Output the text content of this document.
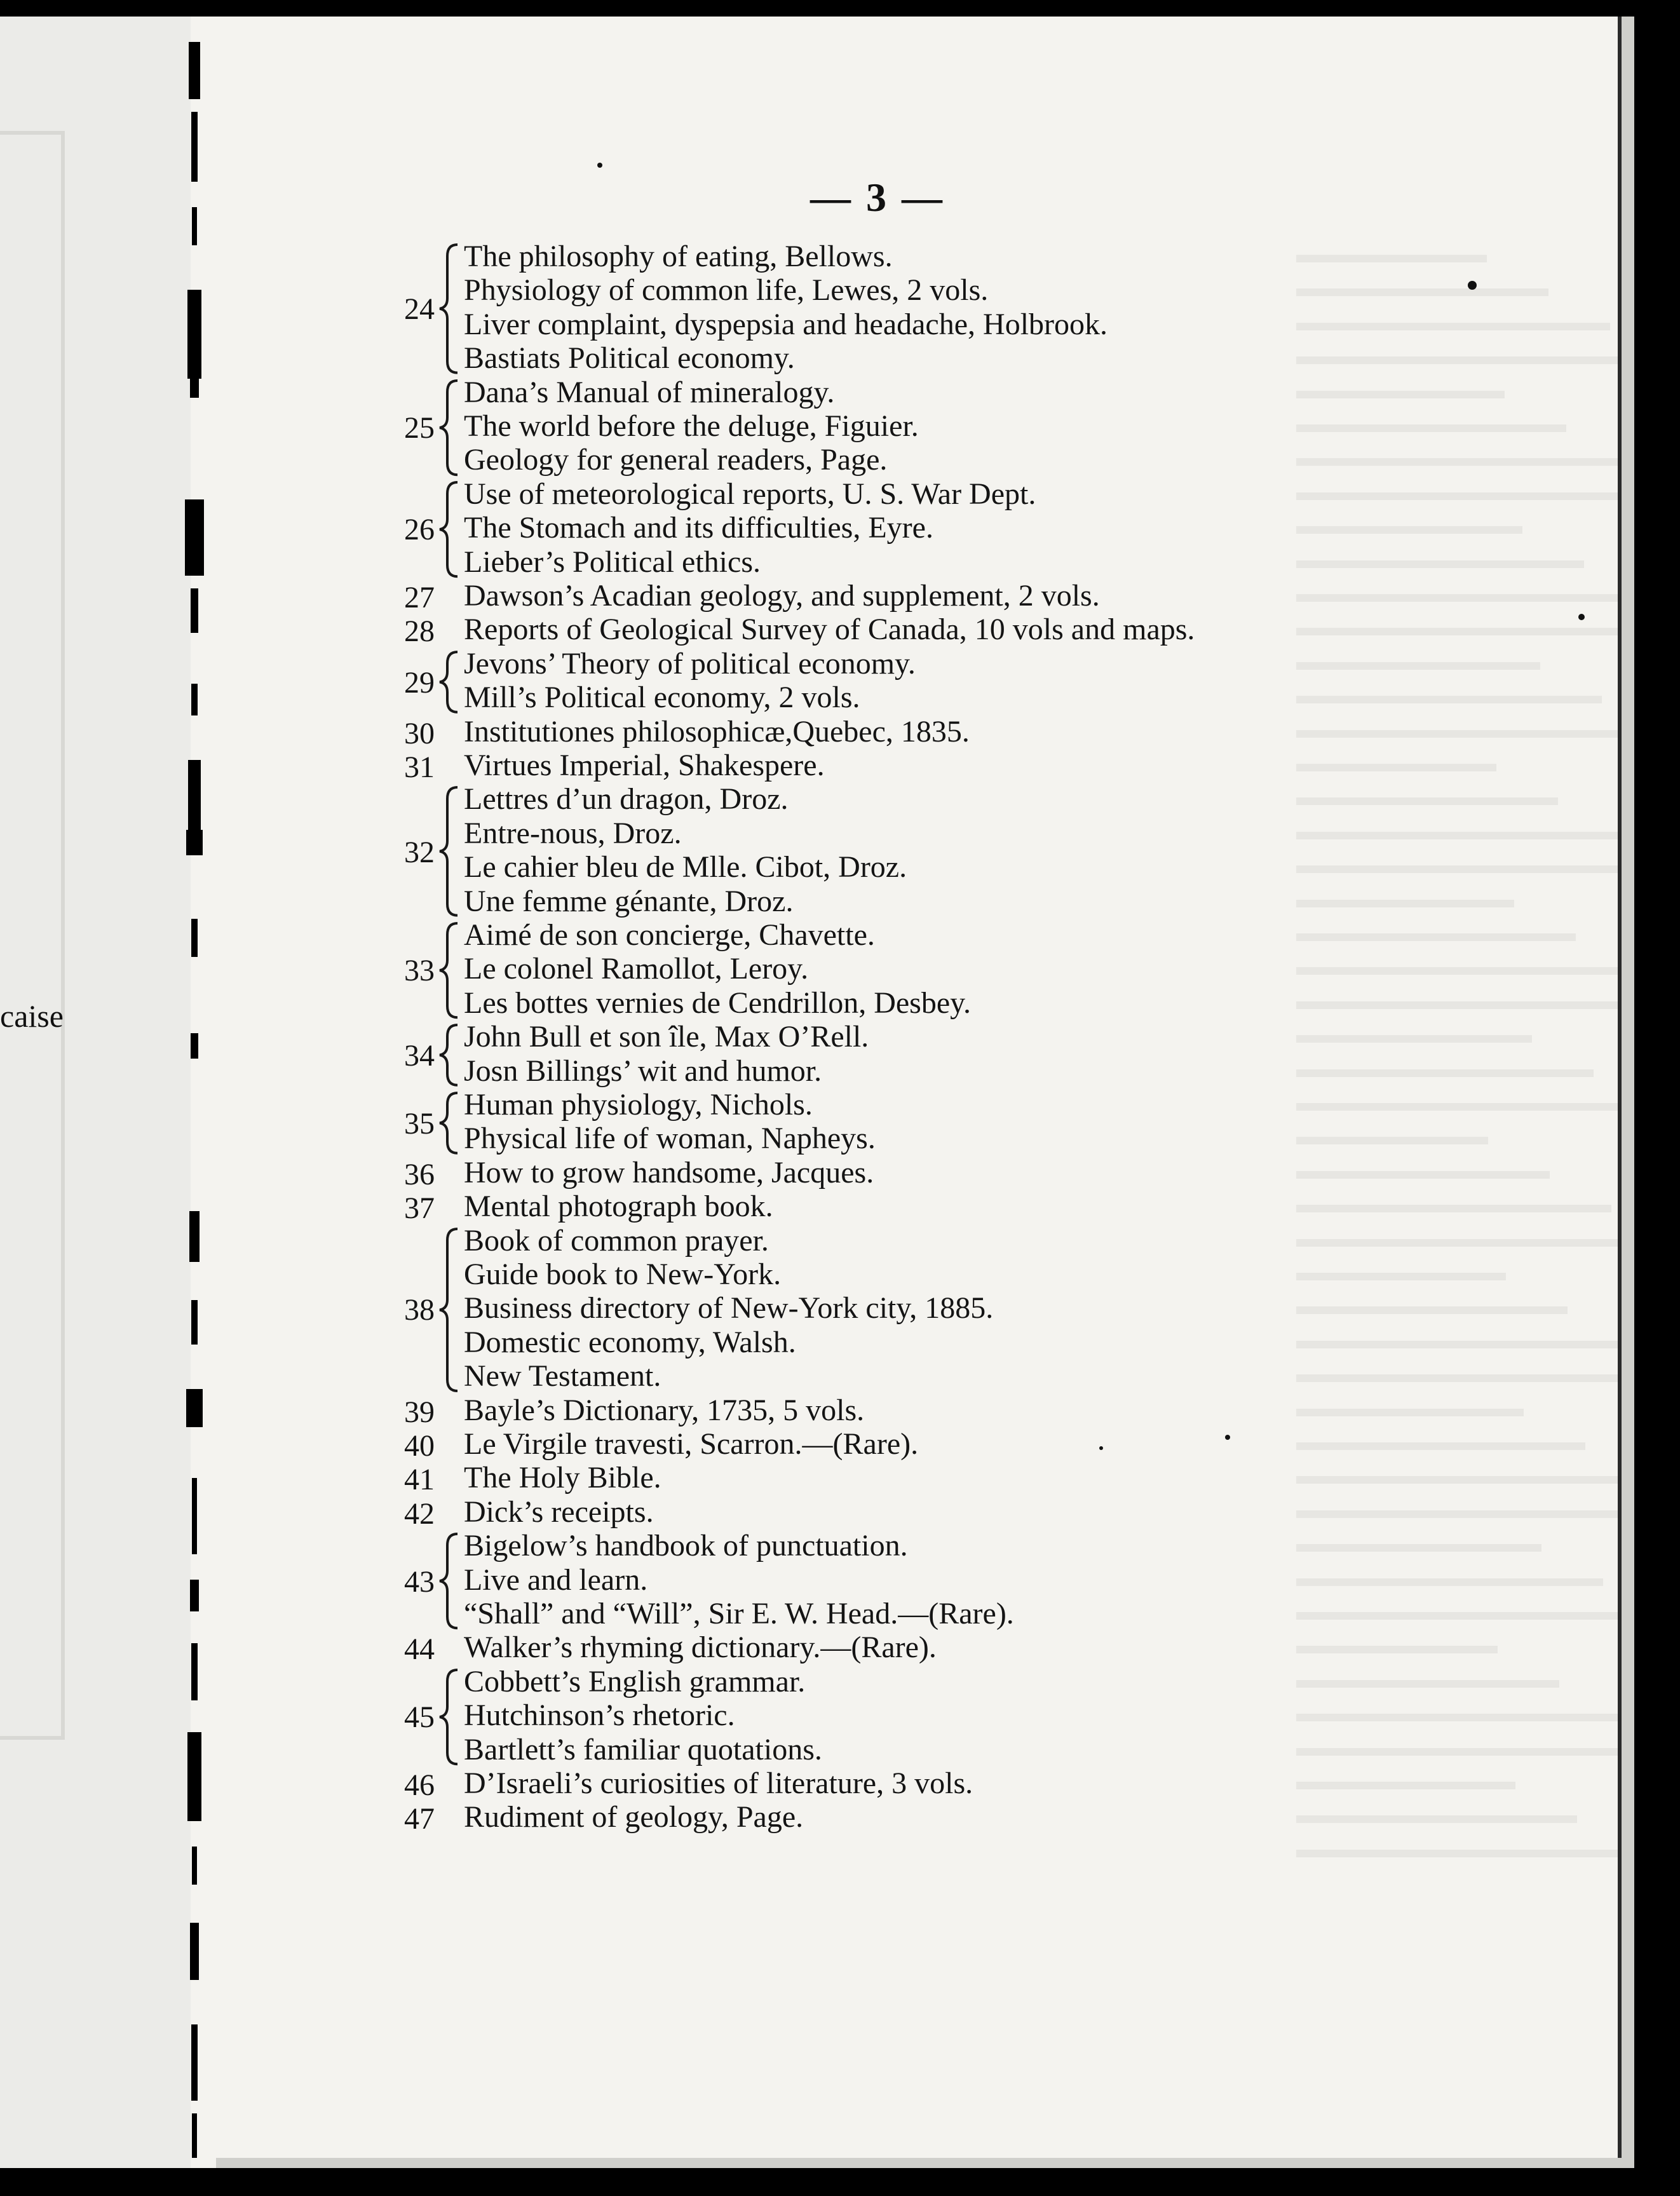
caise
— 3 —
The philosophy of eating, Bellows.
Physiology of common life, Lewes, 2 vols.
Liver complaint, dyspepsia and headache, Holbrook.
Bastiats Political economy.
24
Dana’s Manual of mineralogy.
The world before the deluge, Figuier.
Geology for general readers, Page.
25
Use of meteorological reports, U. S. War Dept.
The Stomach and its difficulties, Eyre.
Lieber’s Political ethics.
26
Dawson’s Acadian geology, and supplement, 2 vols.
27
Reports of Geological Survey of Canada, 10 vols and maps.
28
Jevons’ Theory of political economy.
Mill’s Political economy, 2 vols.
29
Institutiones philosophicæ,Quebec, 1835.
30
Virtues Imperial, Shakespere.
31
Lettres d’un dragon, Droz.
Entre-nous, Droz.
Le cahier bleu de Mlle. Cibot, Droz.
Une femme génante, Droz.
32
Aimé de son concierge, Chavette.
Le colonel Ramollot, Leroy.
Les bottes vernies de Cendrillon, Desbey.
33
John Bull et son île, Max O’Rell.
Josn Billings’ wit and humor.
34
Human physiology, Nichols.
Physical life of woman, Napheys.
35
How to grow handsome, Jacques.
36
Mental photograph book.
37
Book of common prayer.
Guide book to New-York.
Business directory of New-York city, 1885.
Domestic economy, Walsh.
New Testament.
38
Bayle’s Dictionary, 1735, 5 vols.
39
Le Virgile travesti, Scarron.—(Rare).
40
The Holy Bible.
41
Dick’s receipts.
42
Bigelow’s handbook of punctuation.
Live and learn.
“Shall” and “Will”, Sir E. W. Head.—(Rare).
43
Walker’s rhyming dictionary.—(Rare).
44
Cobbett’s English grammar.
Hutchinson’s rhetoric.
Bartlett’s familiar quotations.
45
D’Israeli’s curiosities of literature, 3 vols.
46
Rudiment of geology, Page.
47
